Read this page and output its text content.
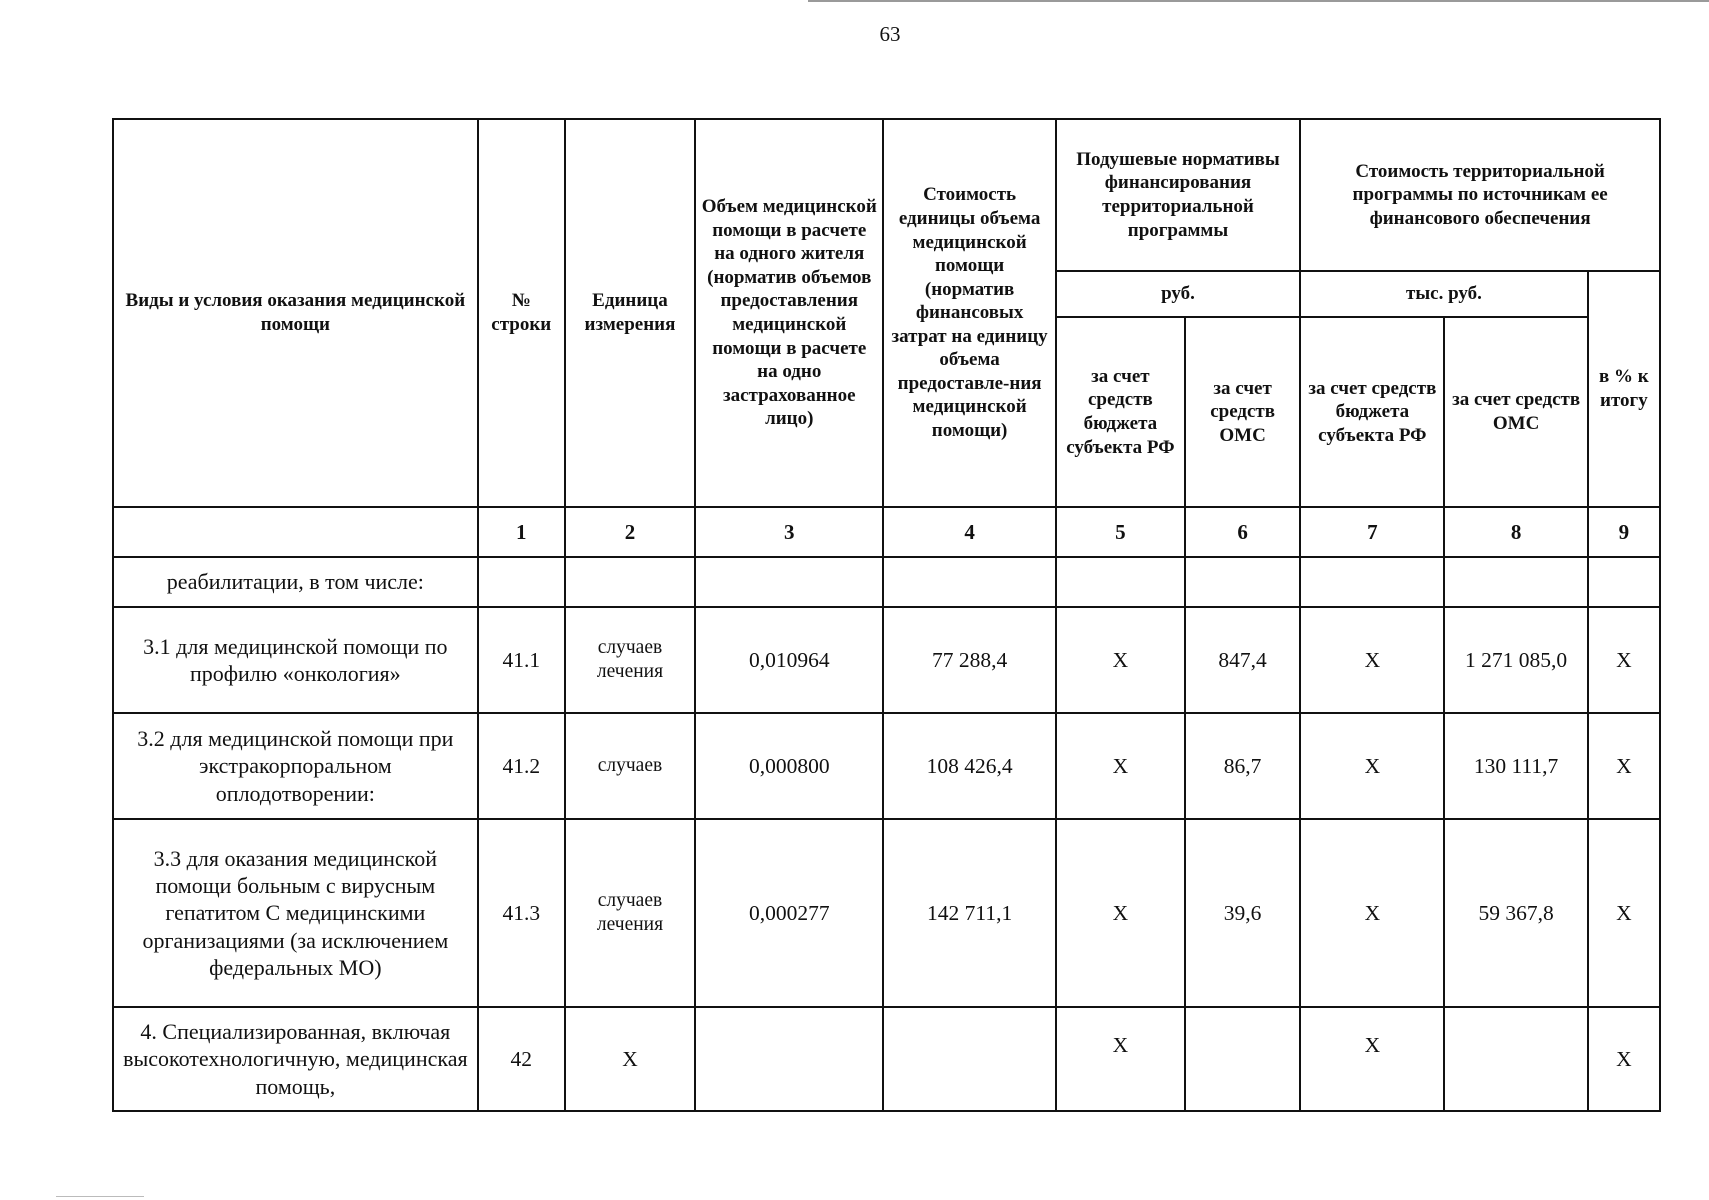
63
Виды и условия оказания медицинской помощи	№ строки	Единица измерения	Объем медицинской помощи в расчете на одного жителя (норматив объемов предоставления медицинской помощи в расчете на одно застрахованное лицо)	Стоимость единицы объема медицинской помощи (норматив финансовых затрат на единицу объема предоставле-ния медицинской помощи)	Подушевые нормативы финансирования территориальной программы		Стоимость территориальной программы по источникам ее финансового обеспечения		
					руб.		тыс. руб.		в % к итогу
					за счет средств бюджета субъекта РФ	за счет средств ОМС	за счет средств бюджета субъекта РФ	за счет средств ОМС	
	1	2	3	4	5	6	7	8	9
реабилитации, в том числе:									
3.1 для медицинской помощи по профилю «онкология»	41.1	случаев лечения	0,010964	77 288,4	X	847,4	X	1 271 085,0	X
3.2 для медицинской помощи при экстракорпоральном оплодотворении:	41.2	случаев	0,000800	108 426,4	X	86,7	X	130 111,7	X
3.3 для оказания медицинской помощи больным с вирусным гепатитом С медицинскими организациями (за исключением федеральных МО)	41.3	случаев лечения	0,000277	142 711,1	X	39,6	X	59 367,8	X
4. Специализированная, включая высокотехнологичную, медицинская помощь,	42	X			X		X		X
